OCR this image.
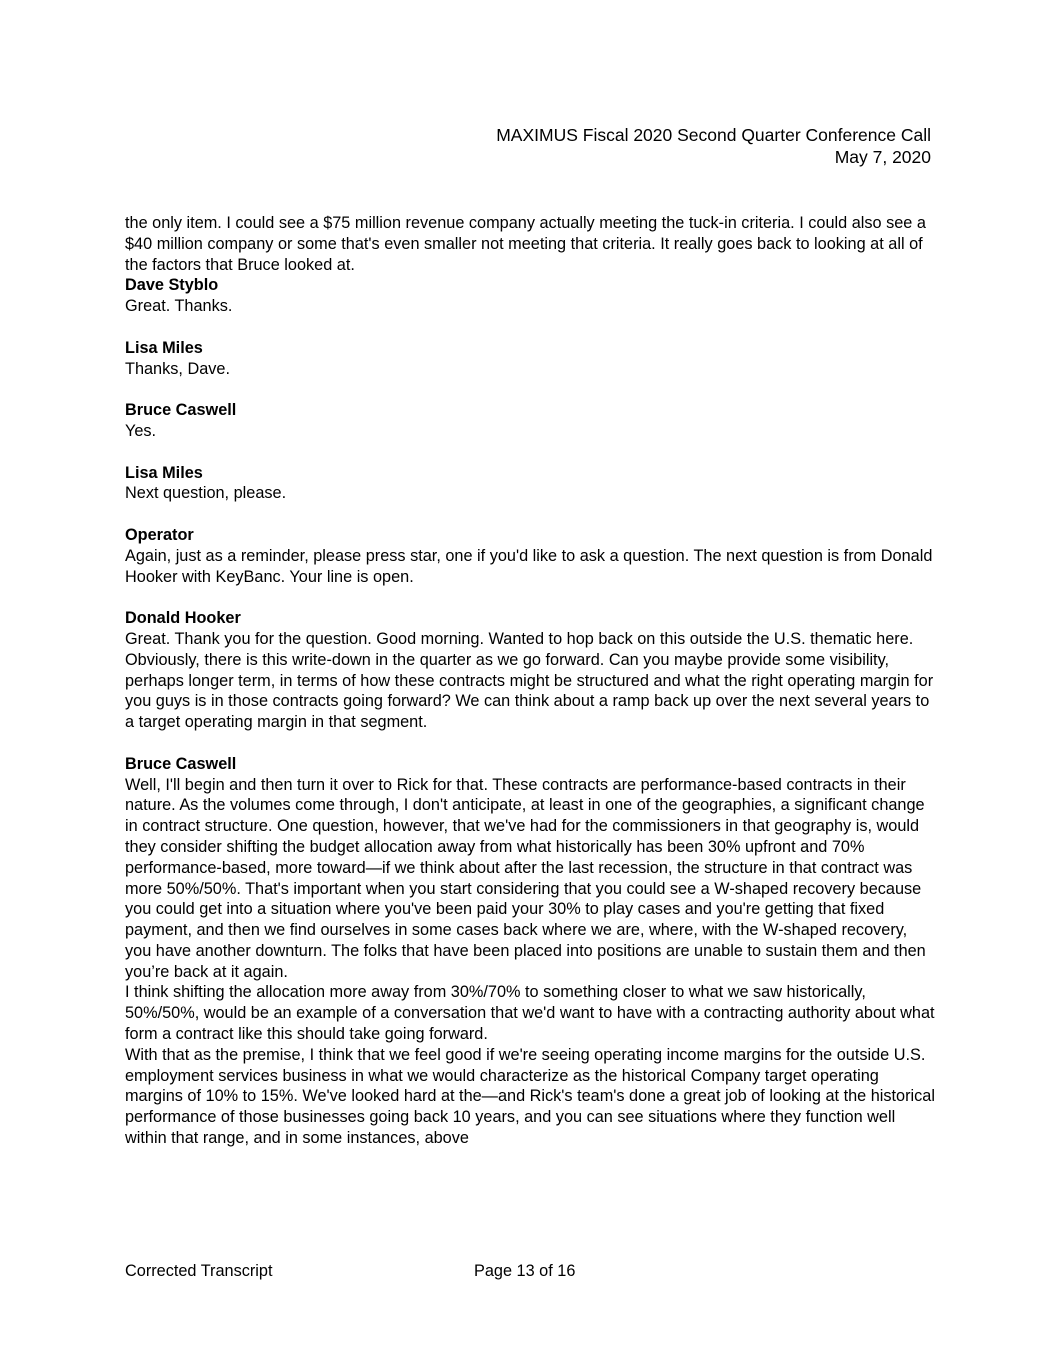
MAXIMUS Fiscal 2020 Second Quarter Conference Call
May 7, 2020

the only item. I could see a $75 million revenue company actually meeting the tuck-in criteria. I could also see a $40 million company or some that's even smaller not meeting that criteria. It really goes back to looking at all of the factors that Bruce looked at.

Dave Styblo

Great. Thanks.

Lisa Miles

Thanks, Dave.

Bruce Caswell

Yes.

Lisa Miles

Next question, please.

Operator

Again, just as a reminder, please press star, one if you'd like to ask a question. The next question is from Donald Hooker with KeyBanc. Your line is open.

Donald Hooker

Great. Thank you for the question. Good morning. Wanted to hop back on this outside the U.S. thematic here. Obviously, there is this write-down in the quarter as we go forward. Can you maybe provide some visibility, perhaps longer term, in terms of how these contracts might be structured and what the right operating margin for you guys is in those contracts going forward? We can think about a ramp back up over the next several years to a target operating margin in that segment.

Bruce Caswell

Well, I'll begin and then turn it over to Rick for that. These contracts are performance-based contracts in their nature. As the volumes come through, I don't anticipate, at least in one of the geographies, a significant change in contract structure. One question, however, that we've had for the commissioners in that geography is, would they consider shifting the budget allocation away from what historically has been 30% upfront and 70% performance-based, more toward—if we think about after the last recession, the structure in that contract was more 50%/50%. That's important when you start considering that you could see a W-shaped recovery because you could get into a situation where you've been paid your 30% to play cases and you're getting that fixed payment, and then we find ourselves in some cases back where we are, where, with the W-shaped recovery, you have another downturn. The folks that have been placed into positions are unable to sustain them and then you’re back at it again.

I think shifting the allocation more away from 30%/70% to something closer to what we saw historically, 50%/50%, would be an example of a conversation that we'd want to have with a contracting authority about what form a contract like this should take going forward.

With that as the premise, I think that we feel good if we're seeing operating income margins for the outside U.S. employment services business in what we would characterize as the historical Company target operating margins of 10% to 15%. We've looked hard at the—and Rick's team's done a great job of looking at the historical performance of those businesses going back 10 years, and you can see situations where they function well within that range, and in some instances, above

Corrected Transcript	Page 13 of 16
